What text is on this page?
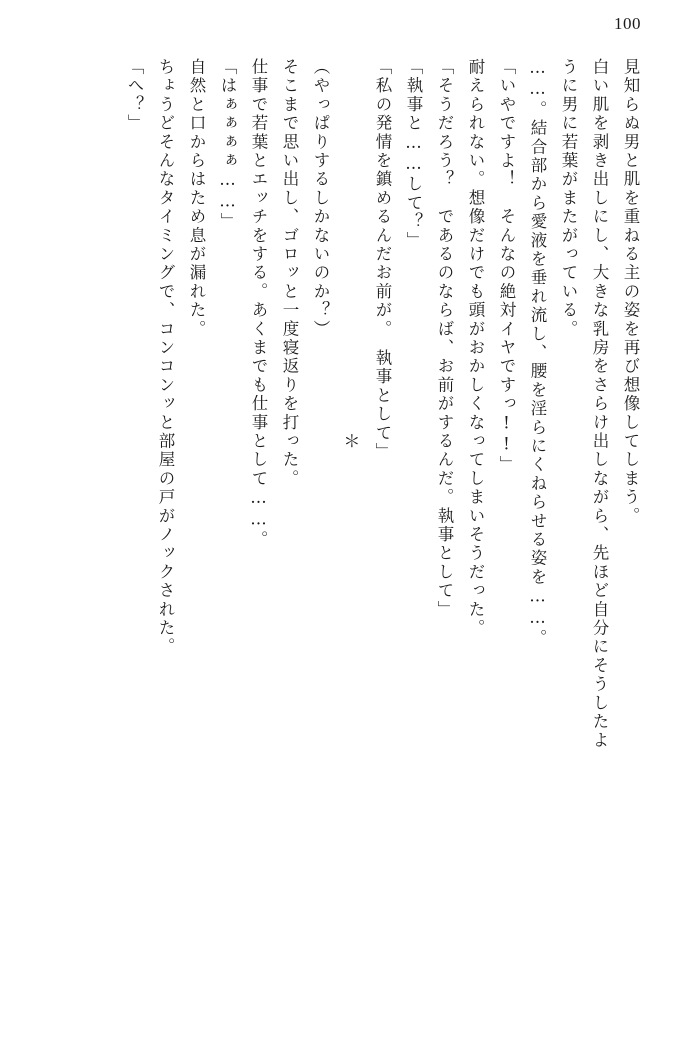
100
見知らぬ男と肌を重ねる主の姿を再び想像してしまう。
白い肌を剥き出しにし、大きな乳房をさらけ出しながら、先ほど自分にそうしたよ
うに男に若葉がまたがっている。
……。結合部から愛液を垂れ流し、腰を淫らにくねらせる姿を……。
「いやですよ！　そんなの絶対イヤですっ!!」
耐えられない。想像だけでも頭がおかしくなってしまいそうだった。
「そうだろう？　であるのならば、お前がするんだ。執事として」
「執事と……して？」
「私の発情を鎮めるんだお前が。　執事として」
＊
（やっぱりするしかないのか？）
そこまで思い出し、ゴロッと一度寝返りを打った。
仕事で若葉とエッチをする。あくまでも仕事として……。
「はぁぁぁぁ……」
自然と口からはため息が漏れた。
ちょうどそんなタイミングで、コンコンッと部屋の戸がノックされた。
「へ？」
